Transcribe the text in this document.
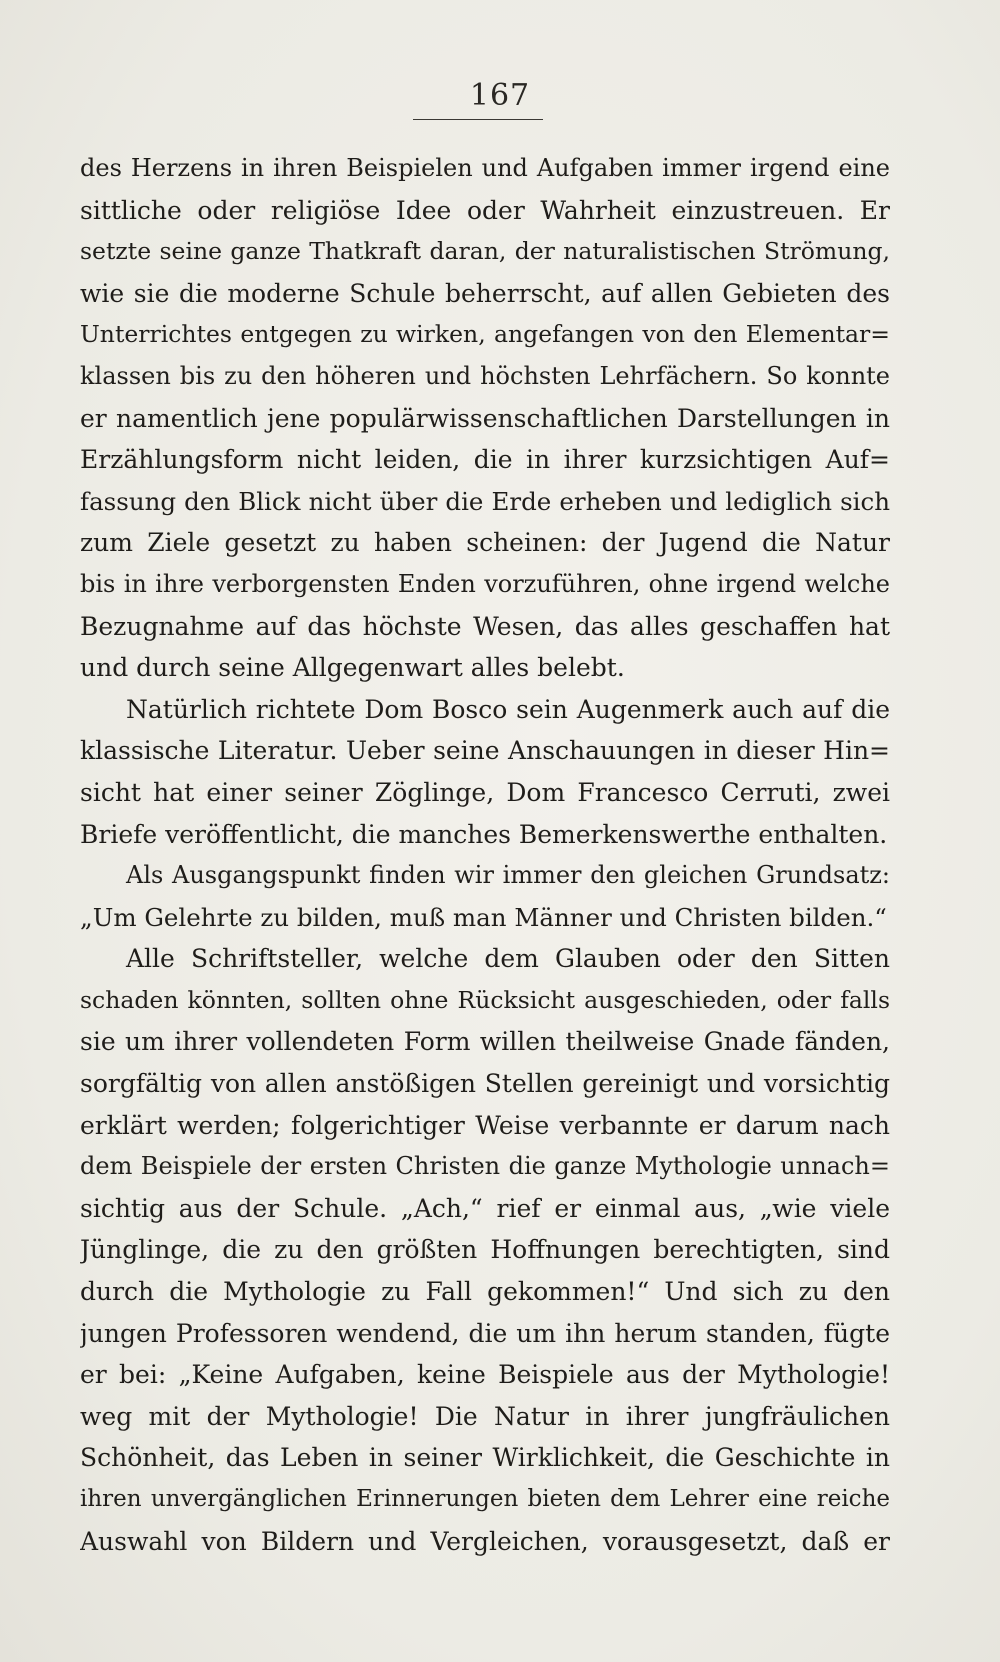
167
des Herzens in ihren Beispielen und Aufgaben immer irgend eine
sittliche oder religiöse Idee oder Wahrheit einzustreuen. Er
setzte seine ganze Thatkraft daran, der naturalistischen Strömung,
wie sie die moderne Schule beherrscht, auf allen Gebieten des
Unterrichtes entgegen zu wirken, angefangen von den Elementar=
klassen bis zu den höheren und höchsten Lehrfächern. So konnte
er namentlich jene populärwissenschaftlichen Darstellungen in
Erzählungsform nicht leiden, die in ihrer kurzsichtigen Auf=
fassung den Blick nicht über die Erde erheben und lediglich sich
zum Ziele gesetzt zu haben scheinen: der Jugend die Natur
bis in ihre verborgensten Enden vorzuführen, ohne irgend welche
Bezugnahme auf das höchste Wesen, das alles geschaffen hat
und durch seine Allgegenwart alles belebt.
Natürlich richtete Dom Bosco sein Augenmerk auch auf die
klassische Literatur. Ueber seine Anschauungen in dieser Hin=
sicht hat einer seiner Zöglinge, Dom Francesco Cerruti, zwei
Briefe veröffentlicht, die manches Bemerkenswerthe enthalten.
Als Ausgangspunkt finden wir immer den gleichen Grundsatz:
„Um Gelehrte zu bilden, muß man Männer und Christen bilden.“
Alle Schriftsteller, welche dem Glauben oder den Sitten
schaden könnten, sollten ohne Rücksicht ausgeschieden, oder falls
sie um ihrer vollendeten Form willen theilweise Gnade fänden,
sorgfältig von allen anstößigen Stellen gereinigt und vorsichtig
erklärt werden; folgerichtiger Weise verbannte er darum nach
dem Beispiele der ersten Christen die ganze Mythologie unnach=
sichtig aus der Schule. „Ach,“ rief er einmal aus, „wie viele
Jünglinge, die zu den größten Hoffnungen berechtigten, sind
durch die Mythologie zu Fall gekommen!“ Und sich zu den
jungen Professoren wendend, die um ihn herum standen, fügte
er bei: „Keine Aufgaben, keine Beispiele aus der Mythologie!
weg mit der Mythologie! Die Natur in ihrer jungfräulichen
Schönheit, das Leben in seiner Wirklichkeit, die Geschichte in
ihren unvergänglichen Erinnerungen bieten dem Lehrer eine reiche
Auswahl von Bildern und Vergleichen, vorausgesetzt, daß er
